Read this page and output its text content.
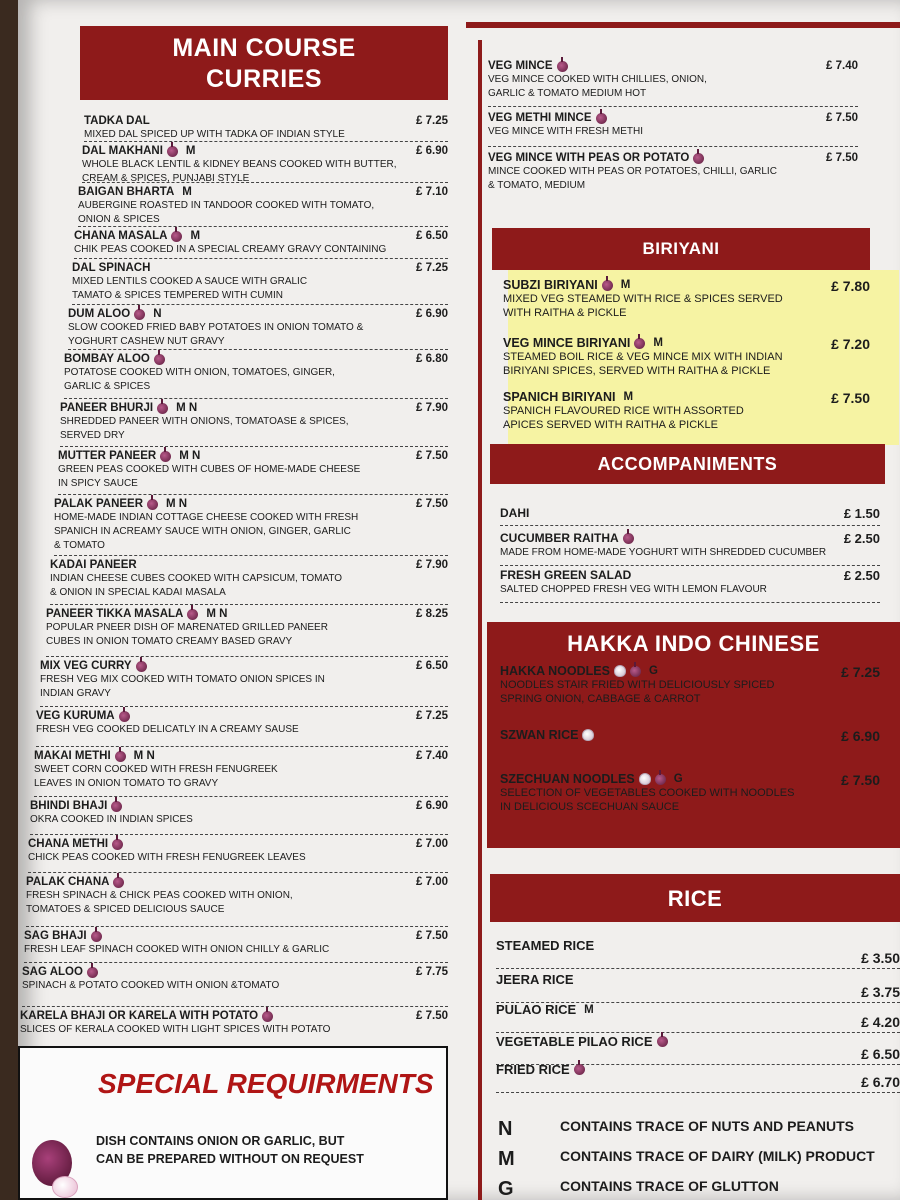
MAIN COURSE
CURRIES
TADKA DAL
MIXED DAL SPICED UP WITH TADKA OF INDIAN STYLE
£ 7.25
DAL MAKHANI M
WHOLE BLACK LENTIL & KIDNEY BEANS COOKED WITH BUTTER,
CREAM & SPICES, PUNJABI STYLE
£ 6.90
BAIGAN BHARTA M
AUBERGINE ROASTED IN TANDOOR COOKED WITH TOMATO,
ONION & SPICES
£ 7.10
CHANA MASALA M
CHIK PEAS COOKED IN A SPECIAL CREAMY GRAVY CONTAINING
£ 6.50
DAL SPINACH
MIXED LENTILS COOKED A SAUCE WITH GRALIC
TAMATO & SPICES TEMPERED WITH CUMIN
£ 7.25
DUM ALOO N
SLOW COOKED FRIED BABY POTATOES IN ONION TOMATO &
YOGHURT CASHEW NUT GRAVY
£ 6.90
BOMBAY ALOO
POTATOSE COOKED WITH ONION, TOMATOES, GINGER,
GARLIC & SPICES
£ 6.80
PANEER BHURJI M N
SHREDDED PANEER WITH ONIONS, TOMATOASE & SPICES,
SERVED DRY
£ 7.90
MUTTER PANEER M N
GREEN PEAS COOKED WITH CUBES OF HOME-MADE CHEESE
IN SPICY SAUCE
£ 7.50
PALAK PANEER M N
HOME-MADE INDIAN COTTAGE CHEESE COOKED WITH FRESH
SPANICH IN ACREAMY SAUCE WITH ONION, GINGER, GARLIC
& TOMATO
£ 7.50
KADAI PANEER
INDIAN CHEESE CUBES COOKED WITH CAPSICUM, TOMATO
& ONION IN SPECIAL KADAI MASALA
£ 7.90
PANEER TIKKA MASALA M N
POPULAR PNEER DISH OF MARENATED GRILLED PANEER
CUBES IN ONION TOMATO CREAMY BASED GRAVY
£ 8.25
MIX VEG CURRY
FRESH VEG MIX COOKED WITH TOMATO ONION SPICES IN
INDIAN GRAVY
£ 6.50
VEG KURUMA
FRESH VEG COOKED DELICATLY IN A CREAMY SAUSE
£ 7.25
MAKAI METHI M N
SWEET CORN COOKED WITH FRESH FENUGREEK
LEAVES IN ONION TOMATO TO GRAVY
£ 7.40
BHINDI BHAJI
OKRA COOKED IN INDIAN SPICES
£ 6.90
CHANA METHI
CHICK PEAS COOKED WITH FRESH FENUGREEK LEAVES
£ 7.00
PALAK CHANA
FRESH SPINACH & CHICK PEAS COOKED WITH ONION,
TOMATOES & SPICED DELICIOUS SAUCE
£ 7.00
SAG BHAJI
FRESH LEAF SPINACH COOKED WITH ONION CHILLY & GARLIC
£ 7.50
SAG ALOO
SPINACH & POTATO COOKED WITH ONION &TOMATO
£ 7.75
KARELA BHAJI OR KARELA WITH POTATO
SLICES OF KERALA COOKED WITH LIGHT SPICES WITH POTATO
£ 7.50
SPECIAL REQUIRMENTS
DISH CONTAINS ONION OR GARLIC, BUT
CAN BE PREPARED WITHOUT ON REQUEST
VEG MINCE
VEG MINCE COOKED WITH CHILLIES, ONION,
GARLIC & TOMATO MEDIUM HOT
£ 7.40
VEG METHI MINCE
VEG MINCE WITH FRESH METHI
£ 7.50
VEG MINCE WITH PEAS OR POTATO
MINCE COOKED WITH PEAS OR POTATOES, CHILLI, GARLIC
& TOMATO, MEDIUM
£ 7.50
BIRIYANI
SUBZI BIRIYANI M
MIXED VEG STEAMED WITH RICE & SPICES SERVED
WITH RAITHA & PICKLE
£ 7.80
VEG MINCE BIRIYANI M
STEAMED BOIL RICE & VEG MINCE MIX WITH INDIAN
BIRIYANI SPICES, SERVED WITH RAITHA & PICKLE
£ 7.20
SPANICH BIRIYANI M
SPANICH FLAVOURED RICE WITH ASSORTED
APICES SERVED WITH RAITHA & PICKLE
£ 7.50
ACCOMPANIMENTS
DAHI	£ 1.50
CUCUMBER RAITHA
MADE FROM HOME-MADE YOGHURT WITH SHREDDED CUCUMBER
£ 2.50
FRESH GREEN SALAD
SALTED CHOPPED FRESH VEG WITH LEMON FLAVOUR
£ 2.50
HAKKA INDO CHINESE
HAKKA NOODLES	G
NOODLES STAIR FRIED WITH DELICIOUSLY SPICED
SPRING ONION, CABBAGE & CARROT
£ 7.25
SZWAN RICE	£ 6.90
SZECHUAN NOODLES	G
SELECTION OF VEGETABLES COOKED WITH NOODLES
IN DELICIOUS SCECHUAN SAUCE
£ 7.50
RICE
STEAMED RICE
£ 3.50
JEERA RICE
£ 3.75
PULAO RICE M
£ 4.20
VEGETABLE PILAO RICE
£ 6.50
FRIED RICE
£ 6.70
N	CONTAINS TRACE OF NUTS AND PEANUTS
M	CONTAINS TRACE OF DAIRY (MILK) PRODUCT
G	CONTAINS TRACE OF GLUTTON
